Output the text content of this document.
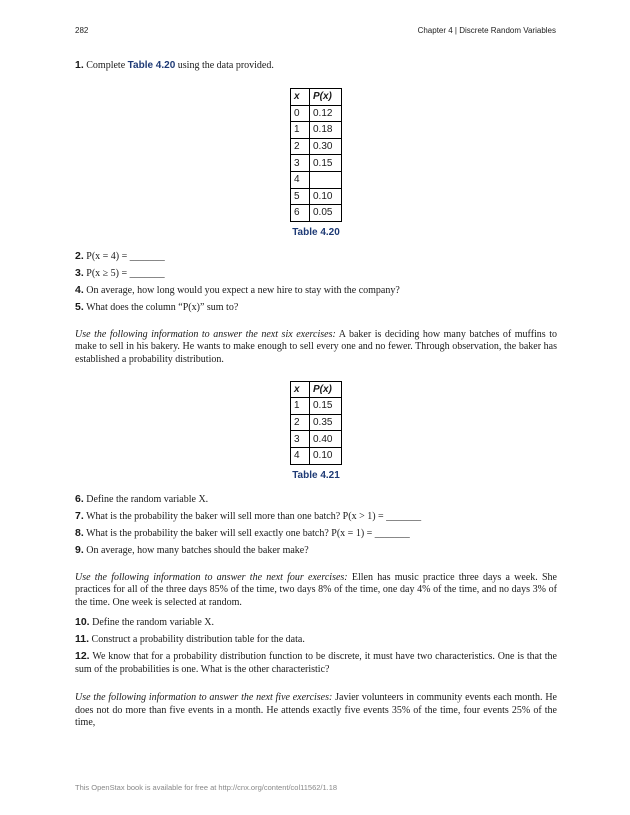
282	Chapter 4 | Discrete Random Variables

1. Complete Table 4.20 using the data provided.

x	P(x)
0	0.12
1	0.18
2	0.30
3	0.15
4	
5	0.10
6	0.05
Table 4.20

2. P(x = 4) = _______

3. P(x ≥ 5) = _______

4. On average, how long would you expect a new hire to stay with the company?

5. What does the column “P(x)” sum to?

Use the following information to answer the next six exercises: A baker is deciding how many batches of muffins to make to sell in his bakery. He wants to make enough to sell every one and no fewer. Through observation, the baker has established a probability distribution.

x	P(x)
1	0.15
2	0.35
3	0.40
4	0.10
Table 4.21

6. Define the random variable X.

7. What is the probability the baker will sell more than one batch? P(x > 1) = _______

8. What is the probability the baker will sell exactly one batch? P(x = 1) = _______

9. On average, how many batches should the baker make?

Use the following information to answer the next four exercises: Ellen has music practice three days a week. She practices for all of the three days 85% of the time, two days 8% of the time, one day 4% of the time, and no days 3% of the time. One week is selected at random.

10. Define the random variable X.

11. Construct a probability distribution table for the data.

12. We know that for a probability distribution function to be discrete, it must have two characteristics. One is that the sum of the probabilities is one. What is the other characteristic?

Use the following information to answer the next five exercises: Javier volunteers in community events each month. He does not do more than five events in a month. He attends exactly five events 35% of the time, four events 25% of the time,

This OpenStax book is available for free at http://cnx.org/content/col11562/1.18
